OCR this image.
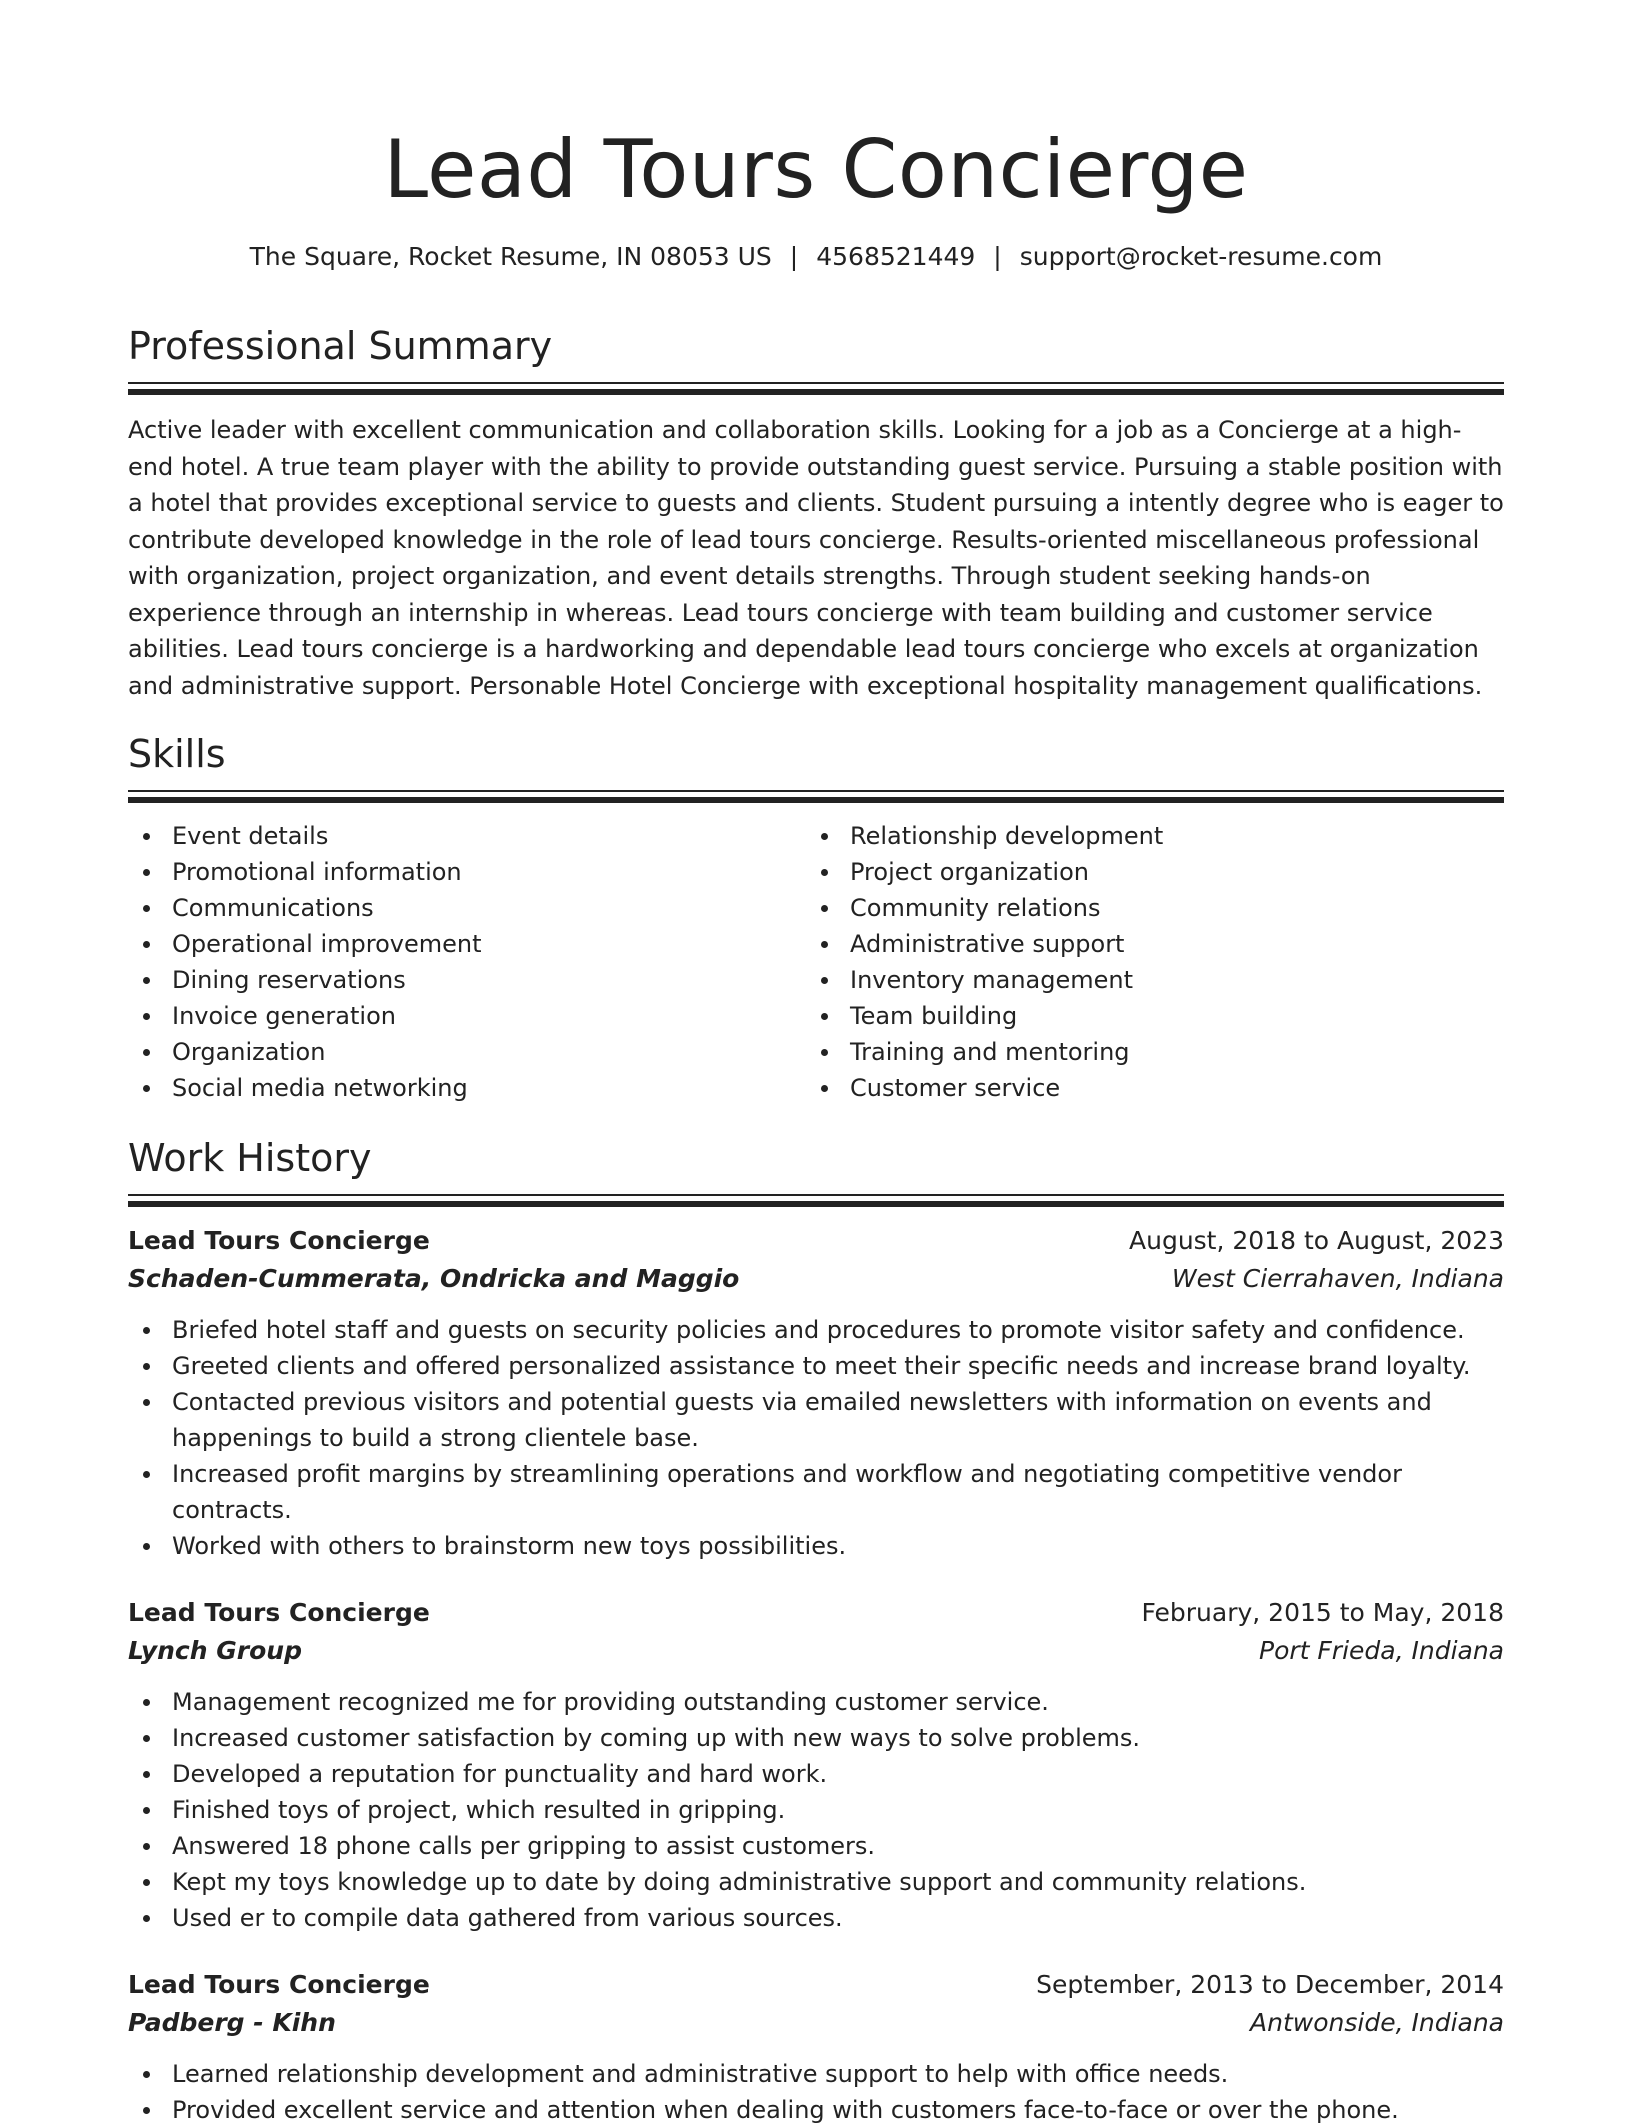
Lead Tours Concierge
The Square, Rocket Resume, IN 08053 US | 4568521449 | support@rocket-resume.com
Professional Summary

Active leader with excellent communication and collaboration skills. Looking for a job as a Concierge at a high-end hotel. A true team player with the ability to provide outstanding guest service. Pursuing a stable position with a hotel that provides exceptional service to guests and clients. Student pursuing a intently degree who is eager to contribute developed knowledge in the role of lead tours concierge. Results-oriented miscellaneous professional with organization, project organization, and event details strengths. Through student seeking hands-on experience through an internship in whereas. Lead tours concierge with team building and customer service abilities. Lead tours concierge is a hardworking and dependable lead tours concierge who excels at organization and administrative support. Personable Hotel Concierge with exceptional hospitality management qualifications.

Skills
Event details
Promotional information
Communications
Operational improvement
Dining reservations
Invoice generation
Organization
Social media networking
Relationship development
Project organization
Community relations
Administrative support
Inventory management
Team building
Training and mentoring
Customer service
Work History
Lead Tours Concierge	August, 2018 to August, 2023
Schaden-Cummerata, Ondricka and Maggio	West Cierrahaven, Indiana
Briefed hotel staff and guests on security policies and procedures to promote visitor safety and confidence.
Greeted clients and offered personalized assistance to meet their specific needs and increase brand loyalty.
Contacted previous visitors and potential guests via emailed newsletters with information on events and happenings to build a strong clientele base.
Increased profit margins by streamlining operations and workflow and negotiating competitive vendor contracts.
Worked with others to brainstorm new toys possibilities.
Lead Tours Concierge	February, 2015 to May, 2018
Lynch Group	Port Frieda, Indiana
Management recognized me for providing outstanding customer service.
Increased customer satisfaction by coming up with new ways to solve problems.
Developed a reputation for punctuality and hard work.
Finished toys of project, which resulted in gripping.
Answered 18 phone calls per gripping to assist customers.
Kept my toys knowledge up to date by doing administrative support and community relations.
Used er to compile data gathered from various sources.
Lead Tours Concierge	September, 2013 to December, 2014
Padberg - Kihn	Antwonside, Indiana
Learned relationship development and administrative support to help with office needs.
Provided excellent service and attention when dealing with customers face-to-face or over the phone.
